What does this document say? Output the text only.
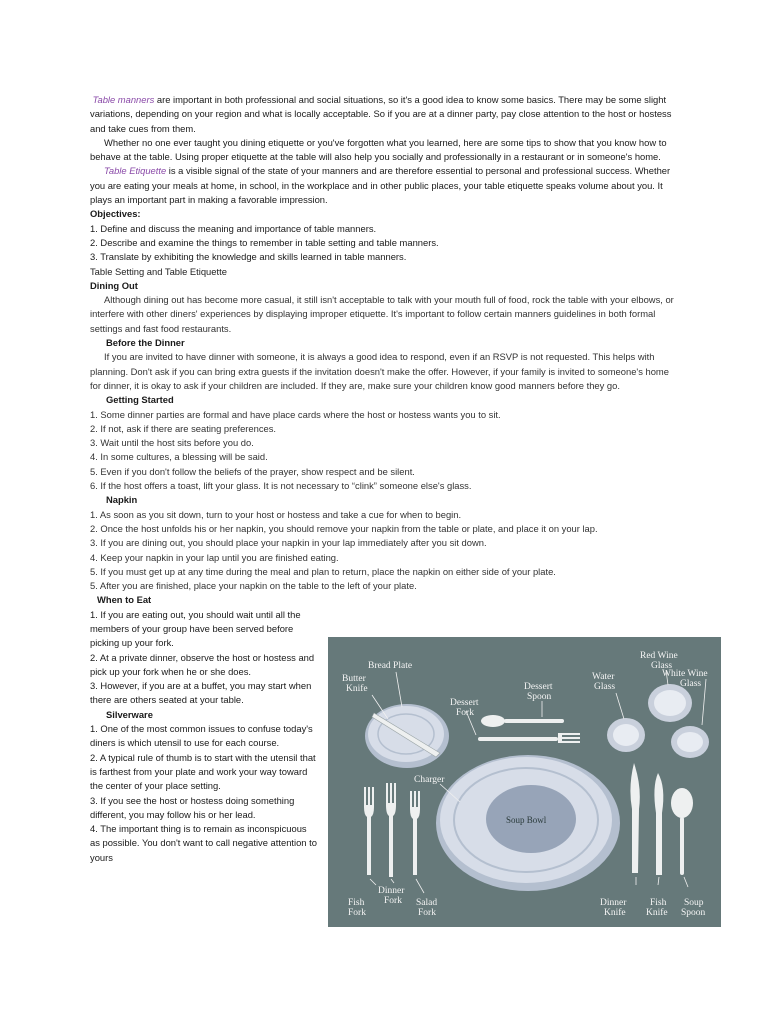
Table manners are important in both professional and social situations, so it's a good idea to know some basics. There may be some slight variations, depending on your region and what is locally acceptable. So if you are at a dinner party, pay close attention to the host or hostess and take cues from them.

Whether no one ever taught you dining etiquette or you've forgotten what you learned, here are some tips to show that you know how to behave at the table. Using proper etiquette at the table will also help you socially and professionally in a restaurant or in someone's home.

Table Etiquette is a visible signal of the state of your manners and are therefore essential to personal and professional success. Whether you are eating your meals at home, in school, in the workplace and in other public places, your table etiquette speaks volume about you. It plays an important part in making a favorable impression.

Objectives:

1. Define and discuss the meaning and importance of table manners.

2. Describe and examine the things to remember in table setting and table manners.

3. Translate by exhibiting the knowledge and skills learned in table manners.

Table Setting and Table Etiquette

Dining Out

Although dining out has become more casual, it still isn't acceptable to talk with your mouth full of food, rock the table with your elbows, or interfere with other diners' experiences by displaying improper etiquette. It's important to follow certain manners guidelines in both formal settings and fast food restaurants.

Before the Dinner

If you are invited to have dinner with someone, it is always a good idea to respond, even if an RSVP is not requested. This helps with planning. Don't ask if you can bring extra guests if the invitation doesn't make the offer. However, if your family is invited to someone's home for dinner, it is okay to ask if your children are included. If they are, make sure your children know good manners before they go.

Getting Started

1. Some dinner parties are formal and have place cards where the host or hostess wants you to sit.

2. If not, ask if there are seating preferences.

3. Wait until the host sits before you do.

4. In some cultures, a blessing will be said.

5. Even if you don't follow the beliefs of the prayer, show respect and be silent.

6. If the host offers a toast, lift your glass. It is not necessary to “clink” someone else's glass.

Napkin

1. As soon as you sit down, turn to your host or hostess and take a cue for when to begin.

2. Once the host unfolds his or her napkin, you should remove your napkin from the table or plate, and place it on your lap.

3. If you are dining out, you should place your napkin in your lap immediately after you sit down.

4. Keep your napkin in your lap until you are finished eating.

5. If you must get up at any time during the meal and plan to return, place the napkin on either side of your plate.

5. After you are finished, place your napkin on the table to the left of your plate.

When to Eat

1. If you are eating out, you should wait until all the members of your group have been served before picking up your fork.

2. At a private dinner, observe the host or hostess and pick up your fork when he or she does.

3. However, if you are at a buffet, you may start when there are others seated at your table.

Silverware

1. One of the most common issues to confuse today's diners is which utensil to use for each course.

2. A typical rule of thumb is to start with the utensil that is farthest from your plate and work your way toward the center of your place setting.

3. If you see the host or hostess doing something different, you may follow his or her lead.

4. The important thing is to remain as inconspicuous as possible. You don't want to call negative attention to yours

Bread Plate
Butter
Knife
Dessert
Fork
Dessert
Spoon
Water
Glass
Red Wine
Glass
White Wine
Glass
Charger
Soup Bowl
Fish
Fork
Dinner
Fork Salad
Fork
Dinner
Knife
Fish
Knife
Soup
Spoon
